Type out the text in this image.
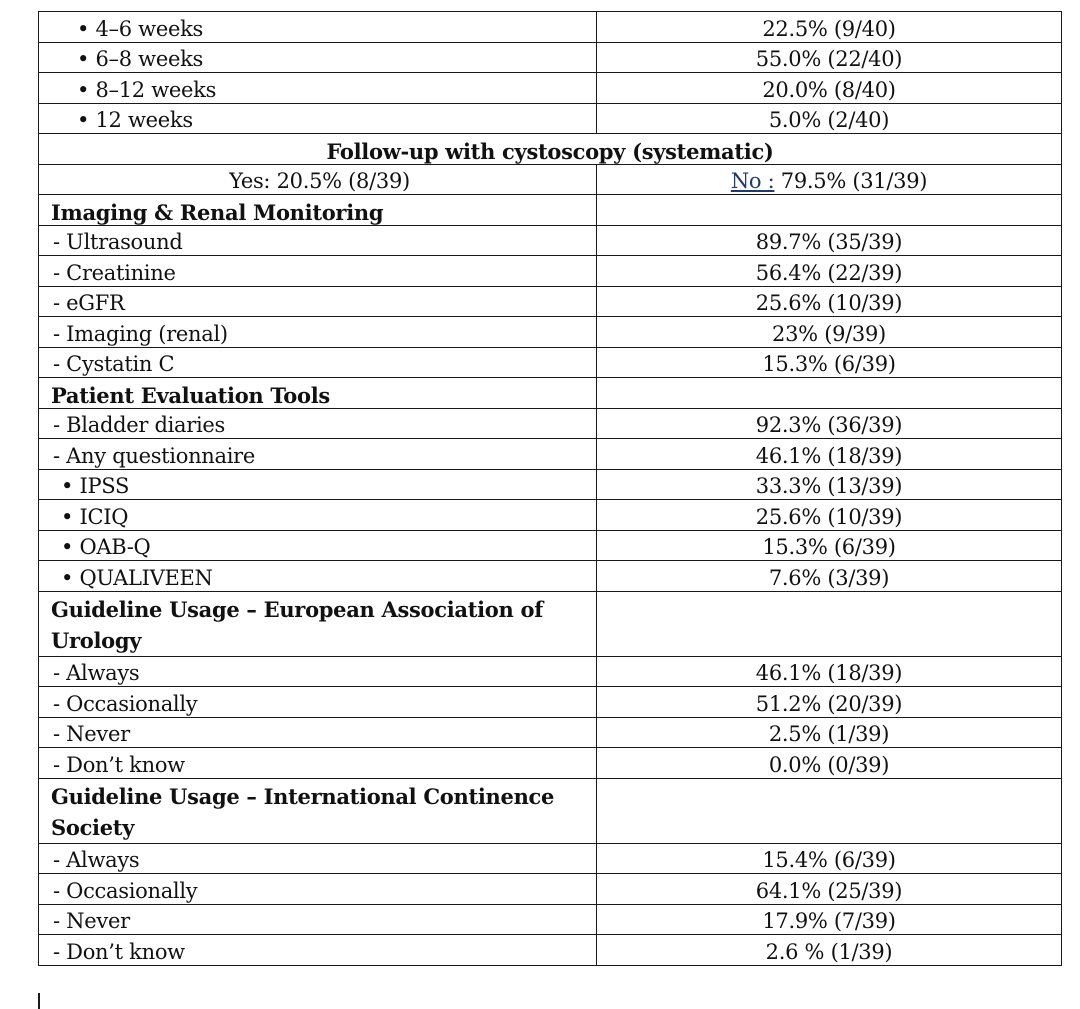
• 4–6 weeks	22.5% (9/40)
• 6–8 weeks	55.0% (22/40)
• 8–12 weeks	20.0% (8/40)
• 12 weeks	5.0% (2/40)
Follow-up with cystoscopy (systematic)	
Yes: 20.5% (8/39)	No : 79.5% (31/39)
Imaging & Renal Monitoring	
- Ultrasound	89.7% (35/39)
- Creatinine	56.4% (22/39)
- eGFR	25.6% (10/39)
- Imaging (renal)	23% (9/39)
- Cystatin C	15.3% (6/39)
Patient Evaluation Tools	
- Bladder diaries	92.3% (36/39)
- Any questionnaire	46.1% (18/39)
• IPSS	33.3% (13/39)
• ICIQ	25.6% (10/39)
• OAB-Q	15.3% (6/39)
• QUALIVEEN	7.6% (3/39)
Guideline Usage – European Association of Urology	
- Always	46.1% (18/39)
- Occasionally	51.2% (20/39)
- Never	2.5% (1/39)
- Don’t know	0.0% (0/39)
Guideline Usage – International Continence Society	
- Always	15.4% (6/39)
- Occasionally	64.1% (25/39)
- Never	17.9% (7/39)
- Don’t know	2.6 % (1/39)
